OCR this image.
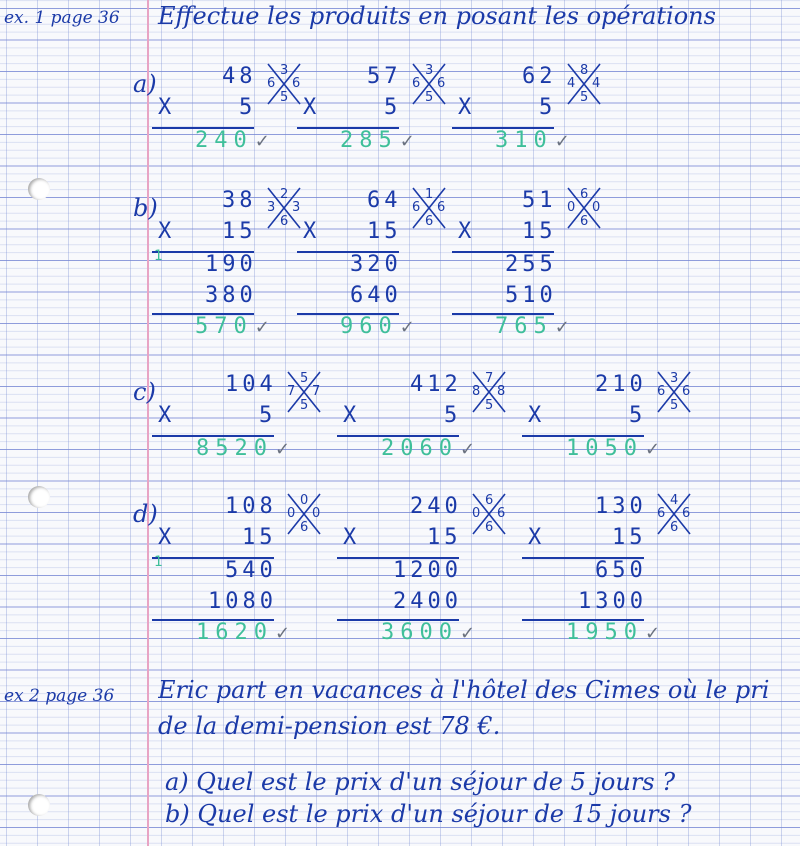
ex. 1 page 36 Effectue les produits en posant les opérations
a)	48
X	5
240 ✓
3
6 6
5
57
X	5
285 ✓
3
6 6
5
62
X	5
310 ✓
8
4 4
5
b)	38
X 15
190
380
1
570 ✓
2
3 3
6
64
X 15
320
640
960 ✓
1
6 6
6
51
X 15
255
510
765 ✓
6
0 0
6
c)	104
X	5
8520 ✓
5
7 7
5
412
X	5
2060 ✓
7
8 8
5
210
X	5
1050 ✓
3
6 6
5
d)	108
X	15
540
1080
1
1620 ✓
0
0 0
6
240
X	15
1200
2400
3600 ✓
6
0 6
6
130
X	15
650
1300
1950 ✓
4
6 6
6
ex 2 page 36 Eric part en vacances à l'hôtel des Cimes où le pri
de la demi-pension est 78 €.
a) Quel est le prix d'un séjour de 5 jours ?
b) Quel est le prix d'un séjour de 15 jours ?
